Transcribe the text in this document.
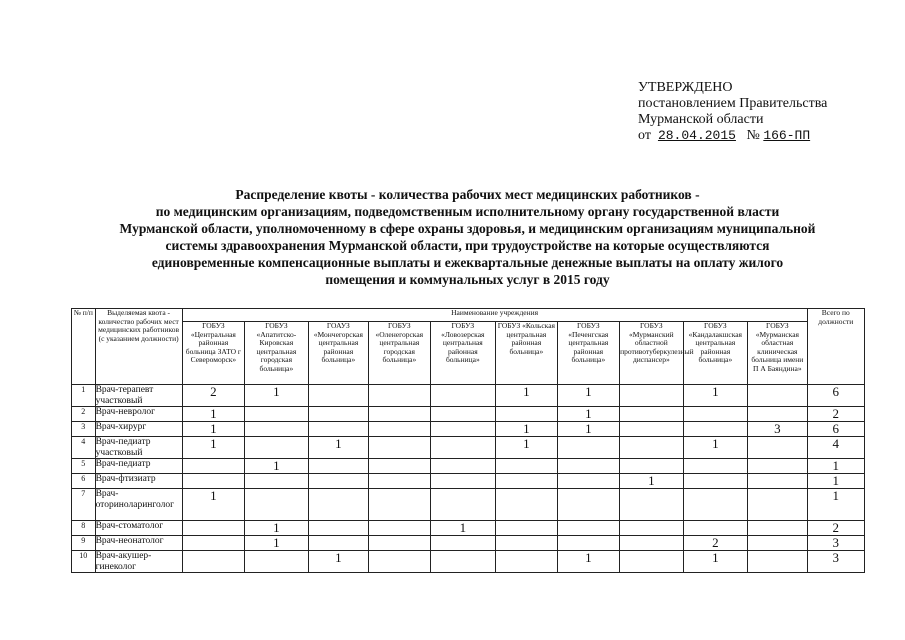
УТВЕРЖДЕНО
постановлением Правительства
Мурманской области
от 28.04.2015 № 166-ПП
Распределение квоты - количества рабочих мест медицинских работников -
по медицинским организациям, подведомственным исполнительному органу государственной власти
Мурманской области, уполномоченному в сфере охраны здоровья, и медицинским организациям муниципальной
системы здравоохранения Мурманской области, при трудоустройстве на которые осуществляются
единовременные компенсационные выплаты и ежеквартальные денежные выплаты на оплату жилого
помещения и коммунальных услуг в 2015 году
№ п/п	Выделяемая квота - количество рабочих мест медицинских работников (с указанием должности)	Наименование учреждения										Всего по должности
		ГОБУЗ «Центральная районная больница ЗАТО г Североморск»	ГОБУЗ «Апатитско-Кировская центральная городская больница»	ГОАУЗ «Мончегорская центральная районная больница»	ГОБУЗ «Оленегорская центральная городская больница»	ГОБУЗ «Ловозерская центральная районная больница»	ГОБУЗ «Кольская центральная районная больница»	ГОБУЗ «Печенгская центральная районная больница»	ГОБУЗ «Мурманский областной противотуберкулезный диспансер»	ГОБУЗ «Кандалакшская центральная районная больница»	ГОБУЗ «Мурманская областная клиническая больница имени П А Баяндина»	
1	Врач-терапевт участковый	2	1				1	1		1		6
2	Врач-невролог	1						1				2
3	Врач-хирург	1					1	1			3	6
4	Врач-педиатр участковый	1		1			1			1		4
5	Врач-педиатр		1									1
6	Врач-фтизиатр								1			1
7	Врач-оториноларинголог	1										1
8	Врач-стоматолог		1			1						2
9	Врач-неонатолог		1							2		3
10	Врач-акушер-гинеколог			1				1		1		3
